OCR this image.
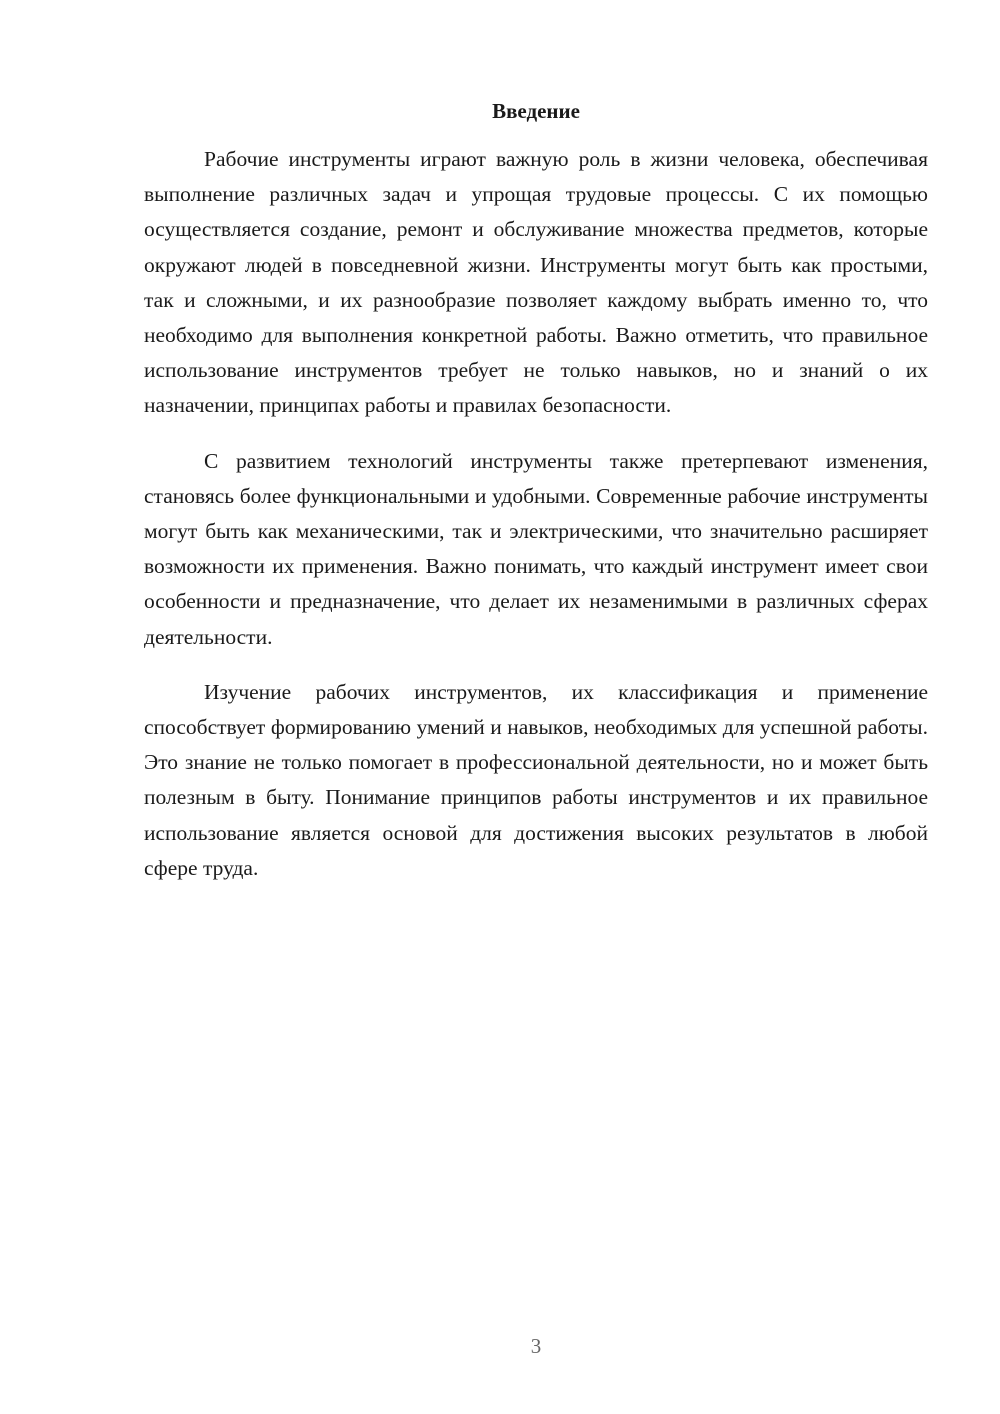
Введение

Рабочие инструменты играют важную роль в жизни человека, обеспечивая выполнение различных задач и упрощая трудовые процессы. С их помощью осуществляется создание, ремонт и обслуживание множества предметов, которые окружают людей в повседневной жизни. Инструменты могут быть как простыми, так и сложными, и их разнообразие позволяет каждому выбрать именно то, что необходимо для выполнения конкретной работы. Важно отметить, что правильное использование инструментов требует не только навыков, но и знаний о их назначении, принципах работы и правилах безопасности.

С развитием технологий инструменты также претерпевают изменения, становясь более функциональными и удобными. Современные рабочие инструменты могут быть как механическими, так и электрическими, что значительно расширяет возможности их применения. Важно понимать, что каждый инструмент имеет свои особенности и предназначение, что делает их незаменимыми в различных сферах деятельности.

Изучение рабочих инструментов, их классификация и применение способствует формированию умений и навыков, необходимых для успешной работы. Это знание не только помогает в профессиональной деятельности, но и может быть полезным в быту. Понимание принципов работы инструментов и их правильное использование является основой для достижения высоких результатов в любой сфере труда.

3
